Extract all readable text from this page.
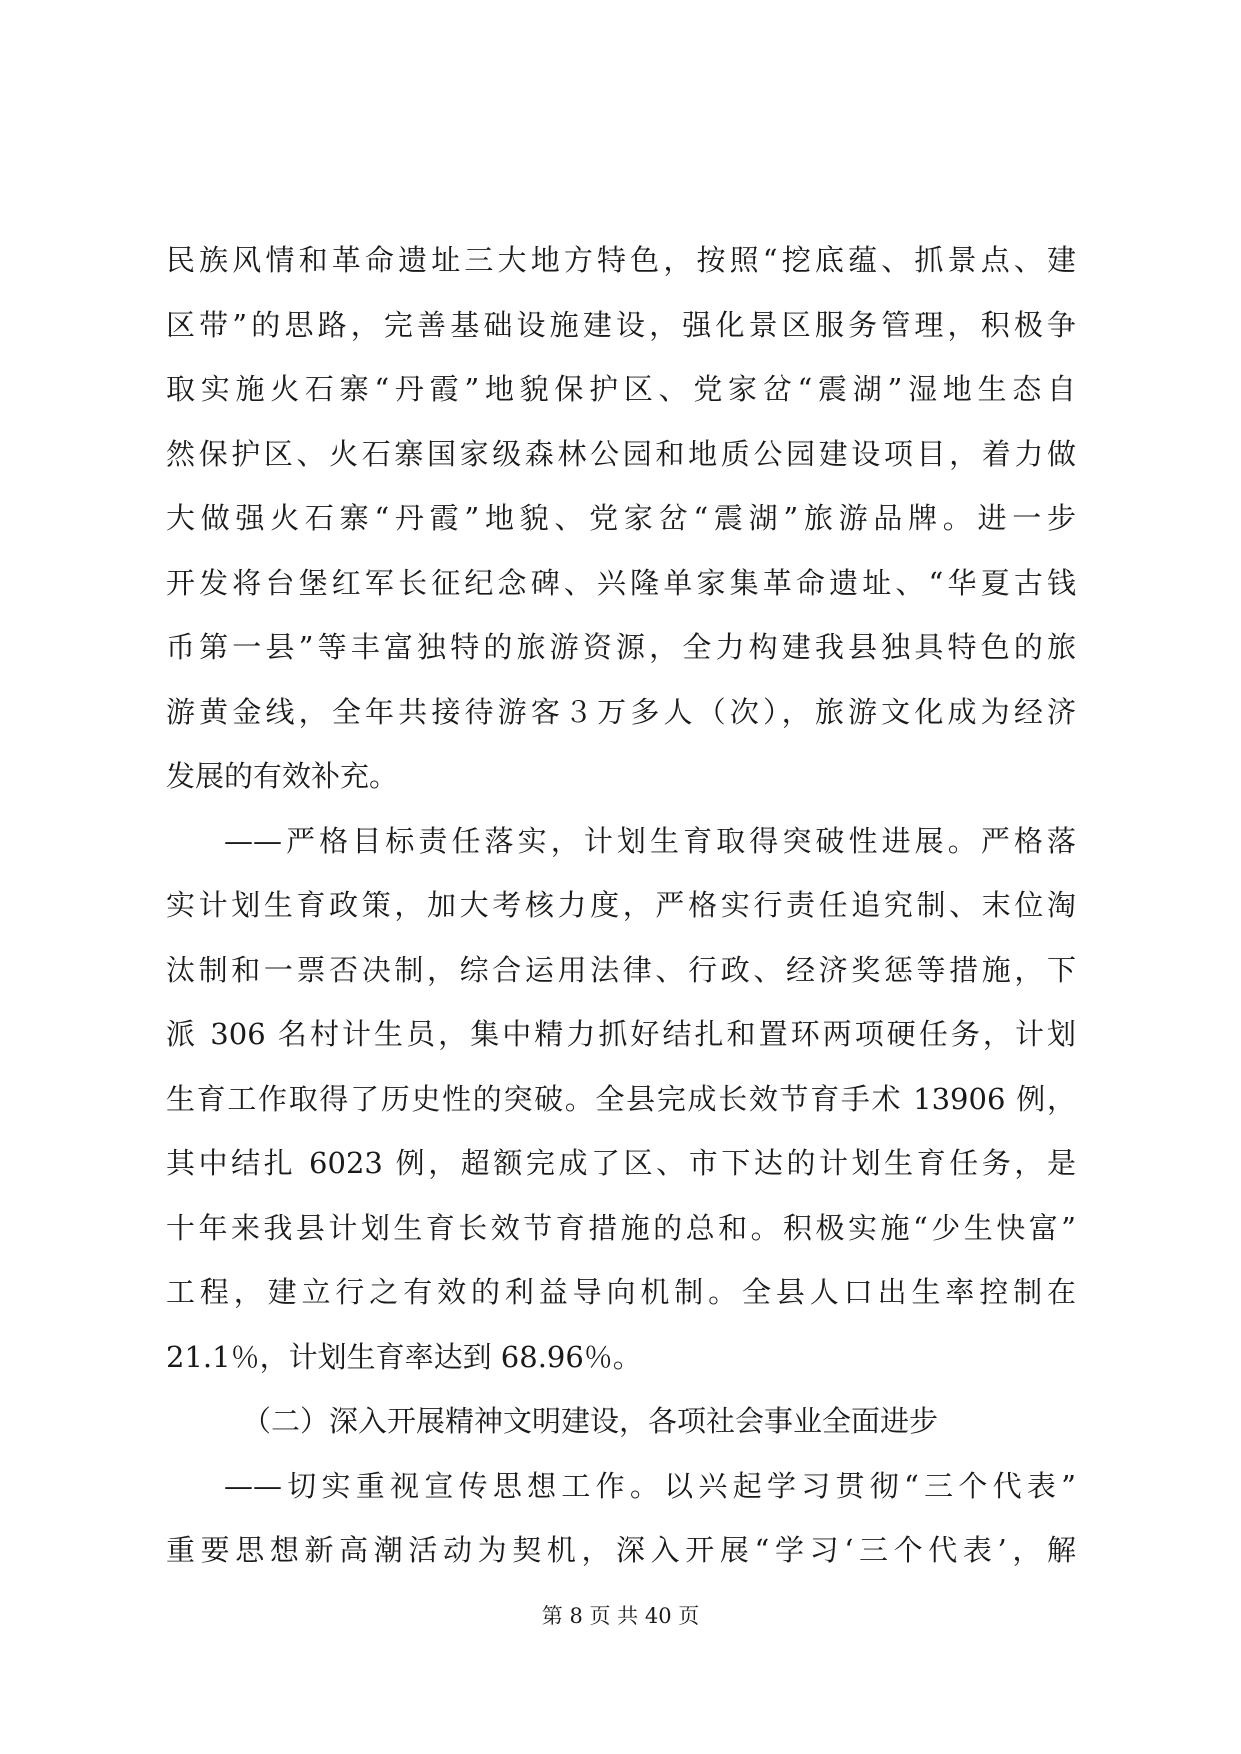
民族风情和革命遗址三大地方特色，按照“挖底蕴、抓景点、建
区带”的思路，完善基础设施建设，强化景区服务管理，积极争
取实施火石寨“丹霞”地貌保护区、党家岔“震湖”湿地生态自
然保护区、火石寨国家级森林公园和地质公园建设项目，着力做
大做强火石寨“丹霞”地貌、党家岔“震湖”旅游品牌。进一步
开发将台堡红军长征纪念碑、兴隆单家集革命遗址、“华夏古钱
币第一县”等丰富独特的旅游资源，全力构建我县独具特色的旅
游黄金线，全年共接待游客３万多人（次），旅游文化成为经济
发展的有效补充。
——严格目标责任落实，计划生育取得突破性进展。严格落
实计划生育政策，加大考核力度，严格实行责任追究制、末位淘
汰制和一票否决制，综合运用法律、行政、经济奖惩等措施，下
派 306 名村计生员，集中精力抓好结扎和置环两项硬任务，计划
生育工作取得了历史性的突破。全县完成长效节育手术 13906 例，
其中结扎 6023 例，超额完成了区、市下达的计划生育任务，是
十年来我县计划生育长效节育措施的总和。积极实施“少生快富”
工程，建立行之有效的利益导向机制。全县人口出生率控制在
21.1％，计划生育率达到 68.96％。
（二）深入开展精神文明建设，各项社会事业全面进步
——切实重视宣传思想工作。以兴起学习贯彻“三个代表”
重要思想新高潮活动为契机，深入开展“学习‘三个代表’，解
第 8 页 共 40 页
